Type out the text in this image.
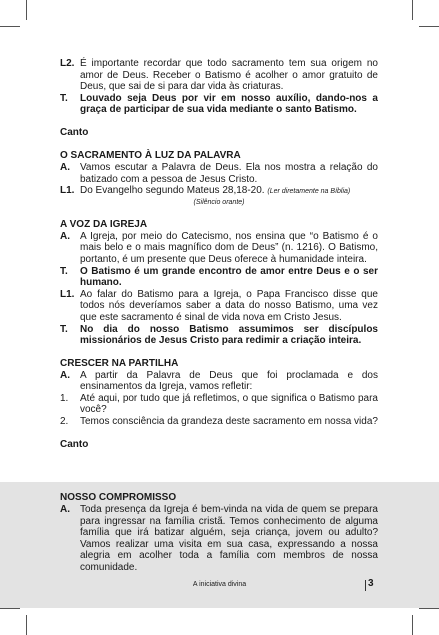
NOSSO COMPROMISSO
A.	Toda presença da Igreja é bem-vinda na vida de quem se prepara para ingressar na família cristã. Temos conhecimento de alguma família que irá batizar alguém, seja criança, jovem ou adulto? Vamos realizar uma visita em sua casa, expressando a nossa alegria em acolher toda a família com membros de nossa comunidade.
L2. É importante recordar que todo sacramento tem sua origem no amor de Deus. Receber o Batismo é acolher o amor gratuito de Deus, que sai de si para dar vida às criaturas.
T.	Louvado seja Deus por vir em nosso auxílio, dando-nos a graça de participar de sua vida mediante o santo Batismo.
Canto
O SACRAMENTO À LUZ DA PALAVRA
A.	Vamos escutar a Palavra de Deus. Ela nos mostra a relação do batizado com a pessoa de Jesus Cristo.
L1. Do Evangelho segundo Mateus 28,18-20. (Ler diretamente na Bíblia)
(Silêncio orante)
A VOZ DA IGREJA
A.	A Igreja, por meio do Catecismo, nos ensina que “o Batismo é o mais belo e o mais magnífico dom de Deus” (n. 1216). O Batismo, portanto, é um presente que Deus oferece à humanidade inteira.
T.	O Batismo é um grande encontro de amor entre Deus e o ser humano.
L1. Ao falar do Batismo para a Igreja, o Papa Francisco disse que todos nós deveríamos saber a data do nosso Batismo, uma vez que este sacramento é sinal de vida nova em Cristo Jesus.
T.	No dia do nosso Batismo assumimos ser discípulos missionários de Jesus Cristo para redimir a criação inteira.
CRESCER NA PARTILHA
A.	A partir da Palavra de Deus que foi proclamada e dos ensinamentos da Igreja, vamos refletir:
1.	Até aqui, por tudo que já refletimos, o que significa o Batismo para você?
2.	Temos consciência da grandeza deste sacramento em nossa vida?
Canto
A iniciativa divina	3
